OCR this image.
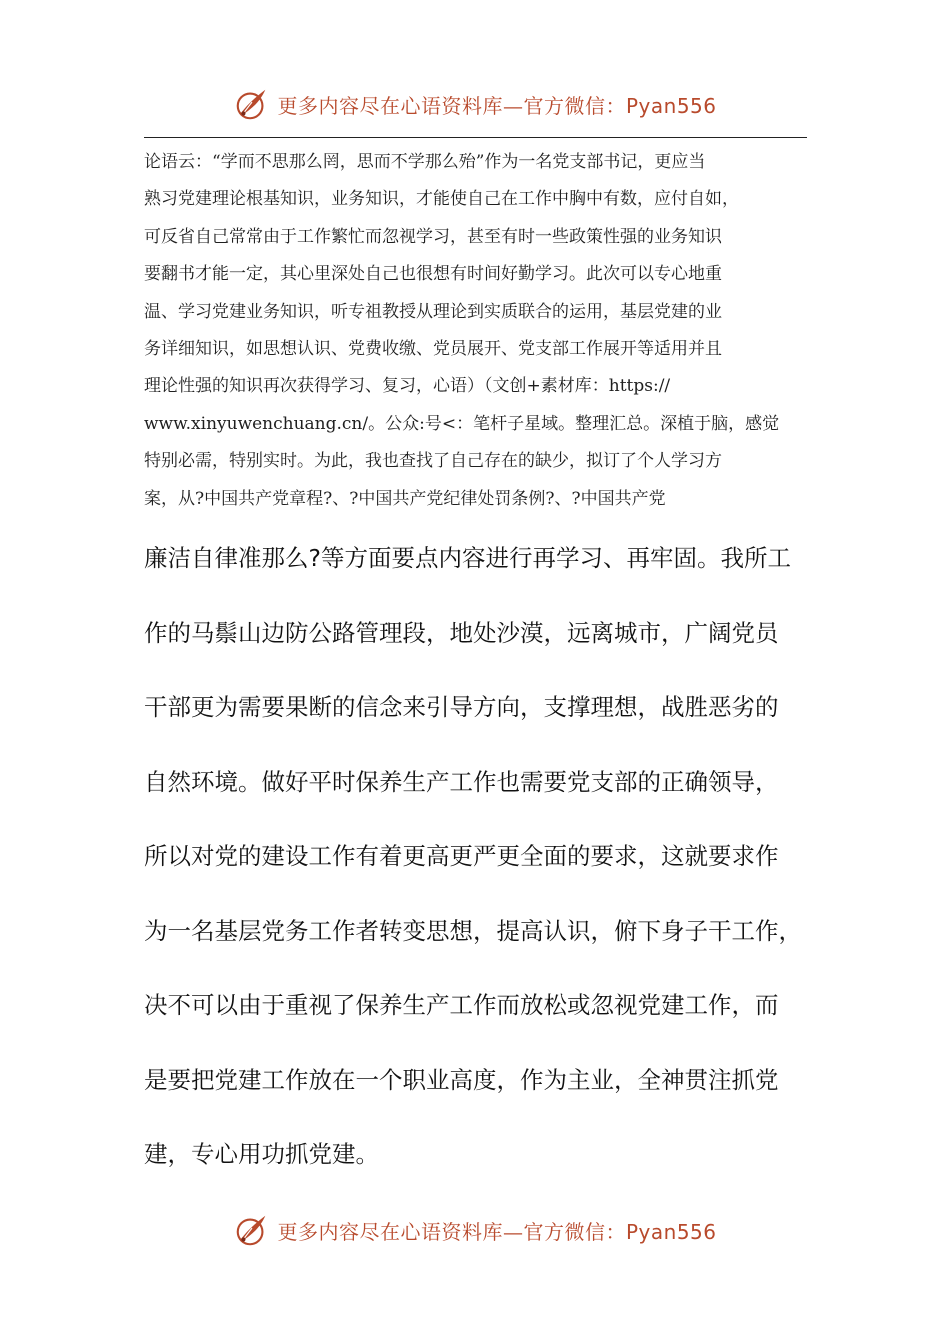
更多内容尽在心语资料库—官方微信：Pyan556
论语云：“学而不思那么罔，思而不学那么殆”作为一名党支部书记，更应当
熟习党建理论根基知识，业务知识，才能使自己在工作中胸中有数，应付自如，
可反省自己常常由于工作繁忙而忽视学习，甚至有时一些政策性强的业务知识
要翻书才能一定，其心里深处自己也很想有时间好勤学习。此次可以专心地重
温、学习党建业务知识，听专祖教授从理论到实质联合的运用，基层党建的业
务详细知识，如思想认识、党费收缴、党员展开、党支部工作展开等适用并且
理论性强的知识再次获得学习、复习，心语）（文创+素材库：https://
www.xinyuwenchuang.cn/。公众:号<：笔杆子星域。整理汇总。深植于脑，感觉
特别必需，特别实时。为此，我也查找了自己存在的缺少，拟订了个人学习方
案，从?中国共产党章程?、?中国共产党纪律处罚条例?、?中国共产党
廉洁自律准那么?等方面要点内容进行再学习、再牢固。我所工
作的马鬃山边防公路管理段，地处沙漠，远离城市，广阔党员
干部更为需要果断的信念来引导方向，支撑理想，战胜恶劣的
自然环境。做好平时保养生产工作也需要党支部的正确领导，
所以对党的建设工作有着更高更严更全面的要求，这就要求作
为一名基层党务工作者转变思想，提高认识，俯下身子干工作，
决不可以由于重视了保养生产工作而放松或忽视党建工作，而
是要把党建工作放在一个职业高度，作为主业，全神贯注抓党
建，专心用功抓党建。
更多内容尽在心语资料库—官方微信：Pyan556
